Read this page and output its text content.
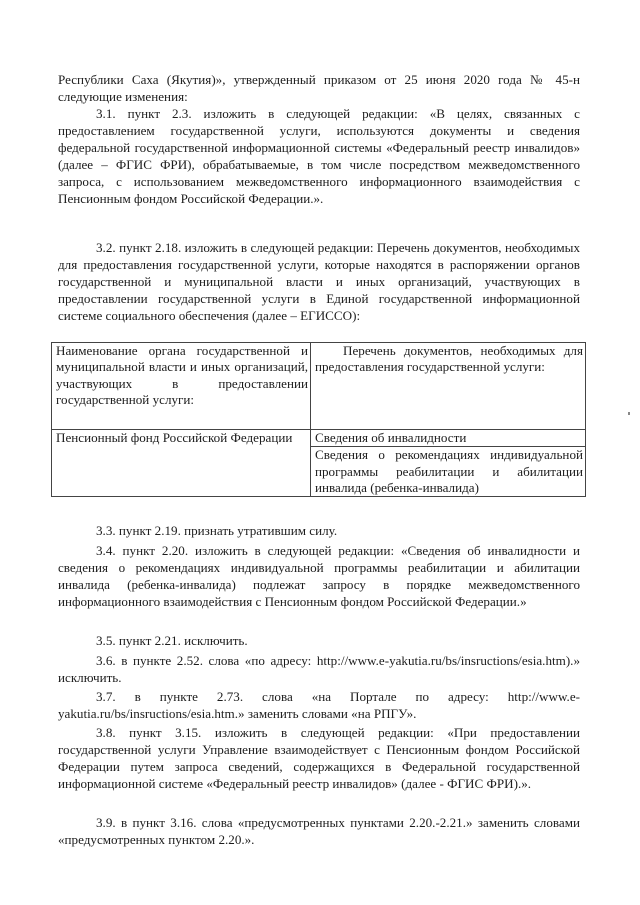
Республики Саха (Якутия)», утвержденный приказом от 25 июня 2020 года № 45-н следующие изменения:

3.1. пункт 2.3. изложить в следующей редакции: «В целях, связанных с предоставлением государственной услуги, используются документы и сведения федеральной государственной информационной системы «Федеральный реестр инвалидов» (далее – ФГИС ФРИ), обрабатываемые, в том числе посредством межведомственного запроса, с использованием межведомственного информационного взаимодействия с Пенсионным фондом Российской Федерации.».

3.2. пункт 2.18. изложить в следующей редакции: Перечень документов, необходимых для предоставления государственной услуги, которые находятся в распоряжении органов государственной и муниципальной власти и иных организаций, участвующих в предоставлении государственной услуги в Единой государственной информационной системе социального обеспечения (далее – ЕГИССО):

Наименование органа государственной и муниципальной власти и иных организаций, участвующих в предоставлении государственной услуги:	Перечень документов, необходимых для предоставления государственной услуги:
Пенсионный фонд Российской Федерации	Сведения об инвалидности
	Сведения о рекомендациях индивидуальной программы реабилитации и абилитации инвалида (ребенка-инвалида)

3.3. пункт 2.19. признать утратившим силу.

3.4. пункт 2.20. изложить в следующей редакции: «Сведения об инвалидности и сведения о рекомендациях индивидуальной программы реабилитации и абилитации инвалида (ребенка-инвалида) подлежат запросу в порядке межведомственного информационного взаимодействия с Пенсионным фондом Российской Федерации.»

3.5. пункт 2.21. исключить.

3.6. в пункте 2.52. слова «по адресу: http://www.e-yakutia.ru/bs/insructions/esia.htm).» исключить.

3.7. в пункте 2.73. слова «на Портале по адресу: http://www.e-yakutia.ru/bs/insructions/esia.htm.» заменить словами «на РПГУ».

3.8. пункт 3.15. изложить в следующей редакции: «При предоставлении государственной услуги Управление взаимодействует с Пенсионным фондом Российской Федерации путем запроса сведений, содержащихся в Федеральной государственной информационной системе «Федеральный реестр инвалидов» (далее - ФГИС ФРИ).».

3.9. в пункт 3.16. слова «предусмотренных пунктами 2.20.-2.21.» заменить словами «предусмотренных пунктом 2.20.».
